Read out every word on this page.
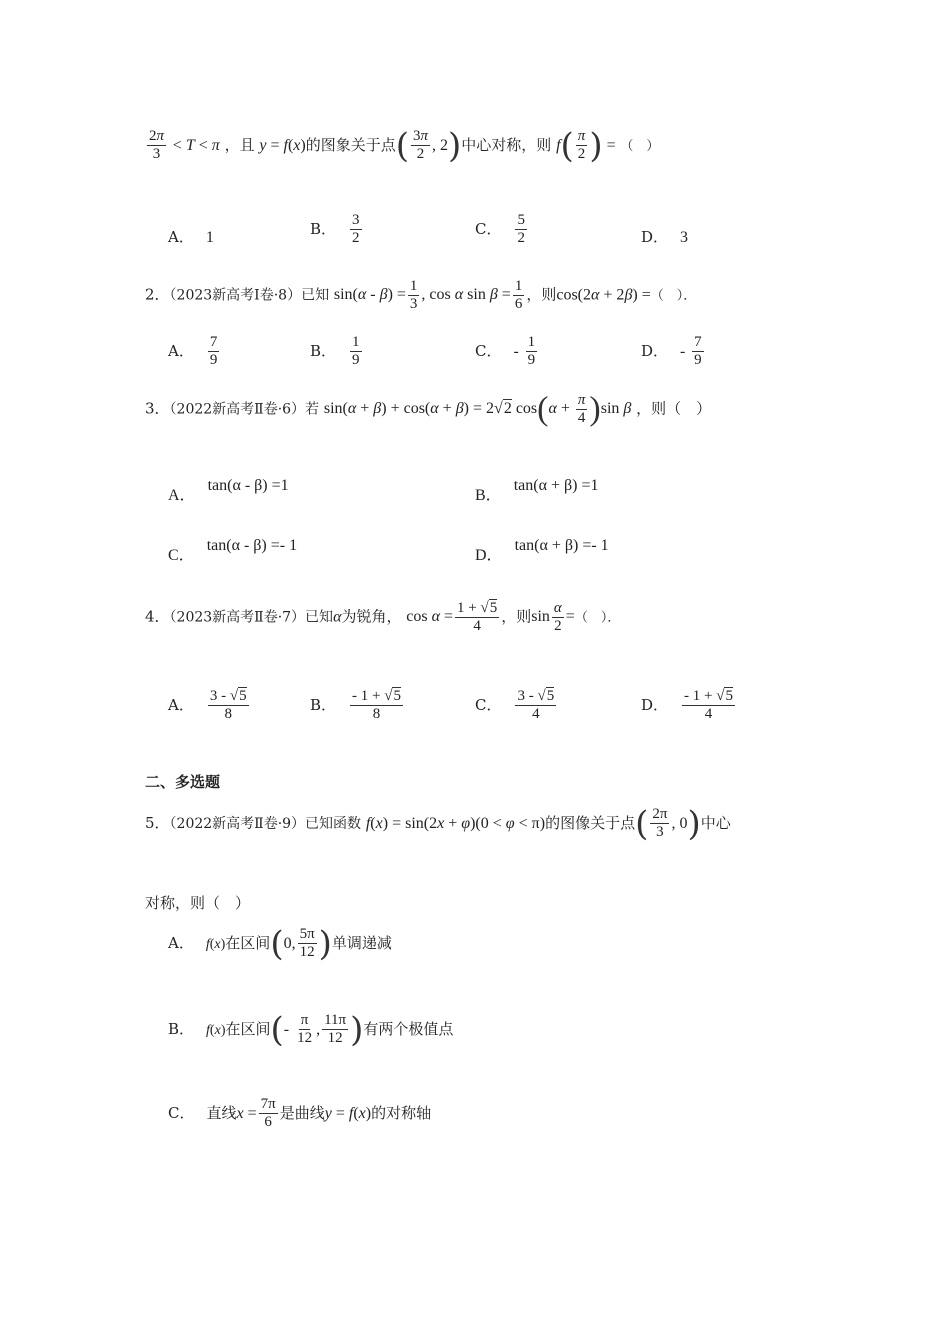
$\frac{2\pi}{3} < T < \pi$ ，且 y = f(x)的图象关于点( $\frac{3\pi}{2}$ , 2)中心对称，则 $f( \frac{\pi}{2}$ ) = （　）
A． 1	B． $\frac{3}{2}$	C． $\frac{5}{2}$	D． 3
2．（2023新高考Ⅰ卷·8）已知 $\sin(\alpha - \beta) = \frac{1}{3}$ , cos α $\sin \beta = \frac{1}{6}$ ，则cos(2α + 2β) =（　）．
A． $\frac{7}{9}$	B． $\frac{1}{9}$	C． - $\frac{1}{9}$	D． - $\frac{7}{9}$
3．（2022新高考Ⅱ卷·6）若 sin(α + β) + cos(α + β) = 2√2 $\cos(\alpha + \frac{\pi}{4} )\sin$ β ，则（　）
A．tan(α - β) =1
B．tan(α + β) =1
C．tan(α - β) =- 1
D．tan(α + β) =- 1
4．（2023新高考Ⅱ卷·7）已知α为锐角， $\cos \alpha = \frac{1 + √5}{4}$ ，则$\sin \frac{\alpha}{2}$ =（　）．
A． $\frac{3 - √5}{8}$	B． $\frac{- 1 + √5}{8}$	C． $\frac{3 - √5}{4}$	D． $\frac{- 1 + √5}{4}$
二、多选题
5．（2022新高考Ⅱ卷·9）已知函数 f(x) = sin(2x + φ)(0 < φ < π)的图像关于点( $\frac{2\pi}{3}$ , 0)中心
对称，则（　）
A． f(x)在区间(0, $\frac{5\pi}{12}$ )单调递减
B． f(x)在区间(- $\frac{\pi}{12}$ , $\frac{11\pi}{12}$ )有两个极值点
C． 直线$x = \frac{7\pi}{6}$ 是曲线y = f(x)的对称轴
